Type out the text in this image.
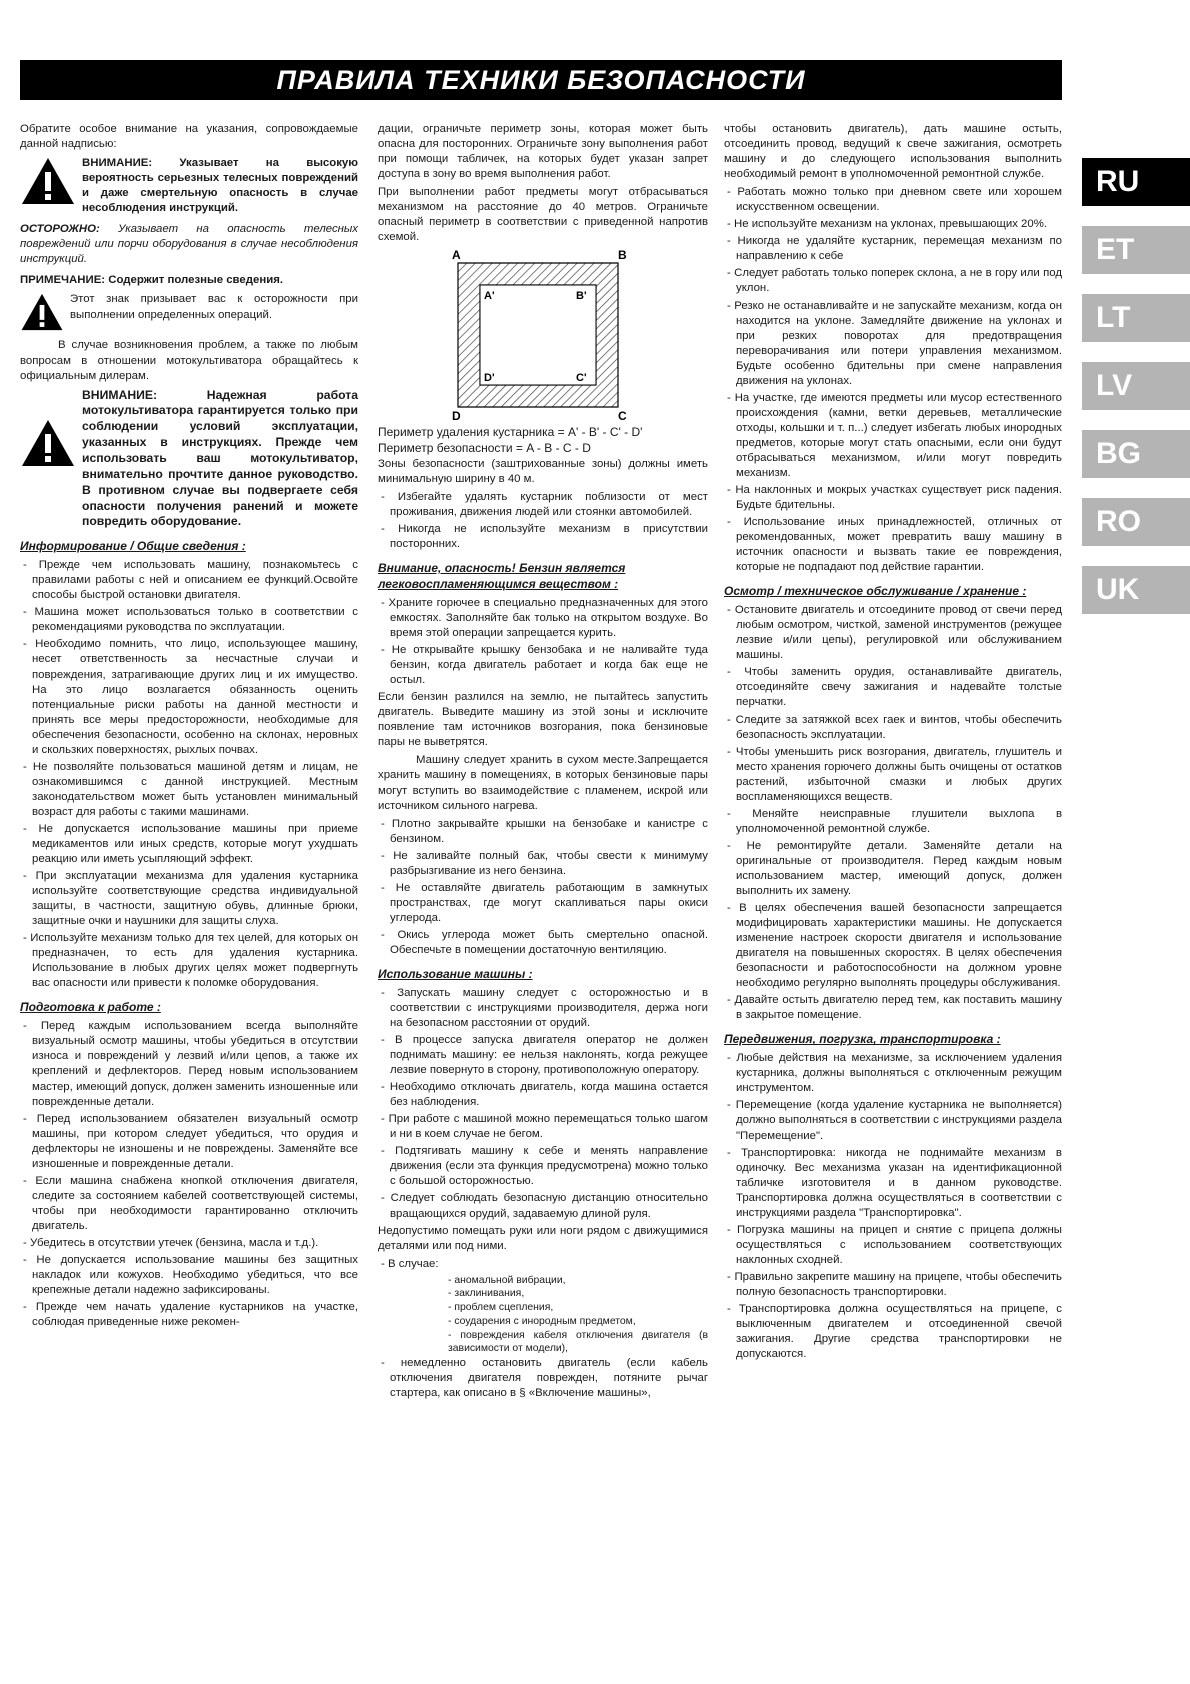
ПРАВИЛА ТЕХНИКИ БЕЗОПАСНОСТИ
RU
ET
LT
LV
BG
RO
UK

Обратите особое внимание на указания, сопровождаемые данной надписью:

ВНИМАНИЕ: Указывает на высокую вероятность серьезных телесных повреждений и даже смертельную опасность в случае несоблюдения инструкций.

ОСТОРОЖНО: Указывает на опасность телесных повреждений или порчи оборудования в случае несоблюдения инструкций.

ПРИМЕЧАНИЕ: Содержит полезные сведения.

Этот знак призывает вас к осторожности при выполнении определенных операций.

В случае возникновения проблем, а также по любым вопросам в отношении мотокультиватора обращайтесь к официальным дилерам.

ВНИМАНИЕ: Надежная работа мотокультиватора гарантируется только при соблюдении условий эксплуатации, указанных в инструкциях. Прежде чем использовать ваш мотокультиватор, внимательно прочтите данное руководство. В противном случае вы подвергаете себя опасности получения ранений и можете повредить оборудование.
Информирование / Общие сведения :

- Прежде чем использовать машину, познакомьтесь с правилами работы с ней и описанием ее функций.Освойте способы быстрой остановки двигателя.

- Машина может использоваться только в соответствии с рекомендациями руководства по эксплуатации.

- Необходимо помнить, что лицо, использующее машину, несет ответственность за несчастные случаи и повреждения, затрагивающие других лиц и их имущество. На это лицо возлагается обязанность оценить потенциальные риски работы на данной местности и принять все меры предосторожности, необходимые для обеспечения безопасности, особенно на склонах, неровных и скользких поверхностях, рыхлых почвах.

- Не позволяйте пользоваться машиной детям и лицам, не ознакомившимся с данной инструкцией. Местным законодательством может быть установлен минимальный возраст для работы с такими машинами.

- Не допускается использование машины при приеме медикаментов или иных средств, которые могут ухудшать реакцию или иметь усыпляющий эффект.

- При эксплуатации механизма для удаления кустарника используйте соответствующие средства индивидуальной защиты, в частности, защитную обувь, длинные брюки, защитные очки и наушники для защиты слуха.

- Используйте механизм только для тех целей, для которых он предназначен, то есть для удаления кустарника. Использование в любых других целях может подвергнуть вас опасности или привести к поломке оборудования.

Подготовка к работе :

- Перед каждым использованием всегда выполняйте визуальный осмотр машины, чтобы убедиться в отсутствии износа и повреждений у лезвий и/или цепов, а также их креплений и дефлекторов. Перед новым использованием мастер, имеющий допуск, должен заменить изношенные или поврежденные детали.

- Перед использованием обязателен визуальный осмотр машины, при котором следует убедиться, что орудия и дефлекторы не изношены и не повреждены. Заменяйте все изношенные и поврежденные детали.

- Если машина снабжена кнопкой отключения двигателя, следите за состоянием кабелей соответствующей системы, чтобы при необходимости гарантированно отключить двигатель.

- Убедитесь в отсутствии утечек (бензина, масла и т.д.).

- Не допускается использование машины без защитных накладок или кожухов. Необходимо убедиться, что все крепежные детали надежно зафиксированы.

- Прежде чем начать удаление кустарников на участке, соблюдая приведенные ниже рекомен-

дации, ограничьте периметр зоны, которая может быть опасна для посторонних. Ограничьте зону выполнения работ при помощи табличек, на которых будет указан запрет доступа в зону во время выполнения работ.

При выполнении работ предметы могут отбрасываться механизмом на расстояние до 40 метров. Ограничьте опасный периметр в соответствии с приведенной напротив схемой.

A	B
A'	B'
D'	C'
D	C

Периметр удаления кустарника = A' - B' - C' - D'

Периметр безопасности = A - B - C - D

Зоны безопасности (заштрихованные зоны) должны иметь минимальную ширину в 40 м.

- Избегайте удалять кустарник поблизости от мест проживания, движения людей или стоянки автомобилей.

- Никогда не используйте механизм в присутствии посторонних.

Внимание, опасность! Бензин является легковоспламеняющимся веществом :

- Храните горючее в специально предназначенных для этого емкостях. Заполняйте бак только на открытом воздухе. Во время этой операции запрещается курить.

- Не открывайте крышку бензобака и не наливайте туда бензин, когда двигатель работает и когда бак еще не остыл.

Если бензин разлился на землю, не пытайтесь запустить двигатель. Выведите машину из этой зоны и исключите появление там источников возгорания, пока бензиновые пары не выветрятся.

Машину следует хранить в сухом месте.Запрещается хранить машину в помещениях, в которых бензиновые пары могут вступить во взаимодействие с пламенем, искрой или источником сильного нагрева.

- Плотно закрывайте крышки на бензобаке и канистре с бензином.

- Не заливайте полный бак, чтобы свести к минимуму разбрызгивание из него бензина.

- Не оставляйте двигатель работающим в замкнутых пространствах, где могут скапливаться пары окиси углерода.

- Окись углерода может быть смертельно опасной. Обеспечьте в помещении достаточную вентиляцию.

Использование машины :

- Запускать машину следует с осторожностью и в соответствии с инструкциями производителя, держа ноги на безопасном расстоянии от орудий.

- В процессе запуска двигателя оператор не должен поднимать машину: ее нельзя наклонять, когда режущее лезвие повернуто в сторону, противоположную оператору.

- Необходимо отключать двигатель, когда машина остается без наблюдения.

- При работе с машиной можно перемещаться только шагом и ни в коем случае не бегом.

- Подтягивать машину к себе и менять направление движения (если эта функция предусмотрена) можно только с большой осторожностью.

- Следует соблюдать безопасную дистанцию относительно вращающихся орудий, задаваемую длиной руля.

Недопустимо помещать руки или ноги рядом с движущимися деталями или под ними.

- В случае:

- аномальной вибрации,

- заклинивания,

- проблем сцепления,

- соударения с инородным предметом,

- повреждения кабеля отключения двигателя (в зависимости от модели),

- немедленно остановить двигатель (если кабель отключения двигателя поврежден, потяните рычаг стартера, как описано в § «Включение машины»,

чтобы остановить двигатель), дать машине остыть, отсоединить провод, ведущий к свече зажигания, осмотреть машину и до следующего использования выполнить необходимый ремонт в уполномоченной ремонтной службе.

- Работать можно только при дневном свете или хорошем искусственном освещении.

- Не используйте механизм на уклонах, превышающих 20%.

- Никогда не удаляйте кустарник, перемещая механизм по направлению к себе

- Следует работать только поперек склона, а не в гору или под уклон.

- Резко не останавливайте и не запускайте механизм, когда он находится на уклоне. Замедляйте движение на уклонах и при резких поворотах для предотвращения переворачивания или потери управления механизмом. Будьте особенно бдительны при смене направления движения на уклонах.

- На участке, где имеются предметы или мусор естественного происхождения (камни, ветки деревьев, металлические отходы, кольшки и т. п...) следует избегать любых инородных предметов, которые могут стать опасными, если они будут отбрасываться механизмом, и/или могут повредить механизм.

- На наклонных и мокрых участках существует риск падения. Будьте бдительны.

- Использование иных принадлежностей, отличных от рекомендованных, может превратить вашу машину в источник опасности и вызвать такие ее повреждения, которые не подпадают под действие гарантии.

Осмотр / техническое обслуживание / хранение :

- Остановите двигатель и отсоедините провод от свечи перед любым осмотром, чисткой, заменой инструментов (режущее лезвие и/или цепы), регулировкой или обслуживанием машины.

- Чтобы заменить орудия, останавливайте двигатель, отсоединяйте свечу зажигания и надевайте толстые перчатки.

- Следите за затяжкой всех гаек и винтов, чтобы обеспечить безопасность эксплуатации.

- Чтобы уменьшить риск возгорания, двигатель, глушитель и место хранения горючего должны быть очищены от остатков растений, избыточной смазки и любых других воспламеняющихся веществ.

- Меняйте неисправные глушители выхлопа в уполномоченной ремонтной службе.

- Не ремонтируйте детали. Заменяйте детали на оригинальные от производителя. Перед каждым новым использованием мастер, имеющий допуск, должен выполнить их замену.

- В целях обеспечения вашей безопасности запрещается модифицировать характеристики машины. Не допускается изменение настроек скорости двигателя и использование двигателя на повышенных скоростях. В целях обеспечения безопасности и работоспособности на должном уровне необходимо регулярно выполнять процедуры обслуживания.

- Давайте остыть двигателю перед тем, как поставить машину в закрытое помещение.

Передвижения, погрузка, транспортировка :

- Любые действия на механизме, за исключением удаления кустарника, должны выполняться с отключенным режущим инструментом.

- Перемещение (когда удаление кустарника не выполняется) должно выполняться в соответствии с инструкциями раздела "Перемещение".

- Транспортировка: никогда не поднимайте механизм в одиночку. Вес механизма указан на идентификационной табличке изготовителя и в данном руководстве. Транспортировка должна осуществляться в соответствии с инструкциями раздела "Транспортировка".

- Погрузка машины на прицеп и снятие с прицепа должны осуществляться с использованием соответствующих наклонных сходней.

- Правильно закрепите машину на прицепе, чтобы обеспечить полную безопасность транспортировки.

- Транспортировка должна осуществляться на прицепе, с выключенным двигателем и отсоединенной свечой зажигания. Другие средства транспортировки не допускаются.
